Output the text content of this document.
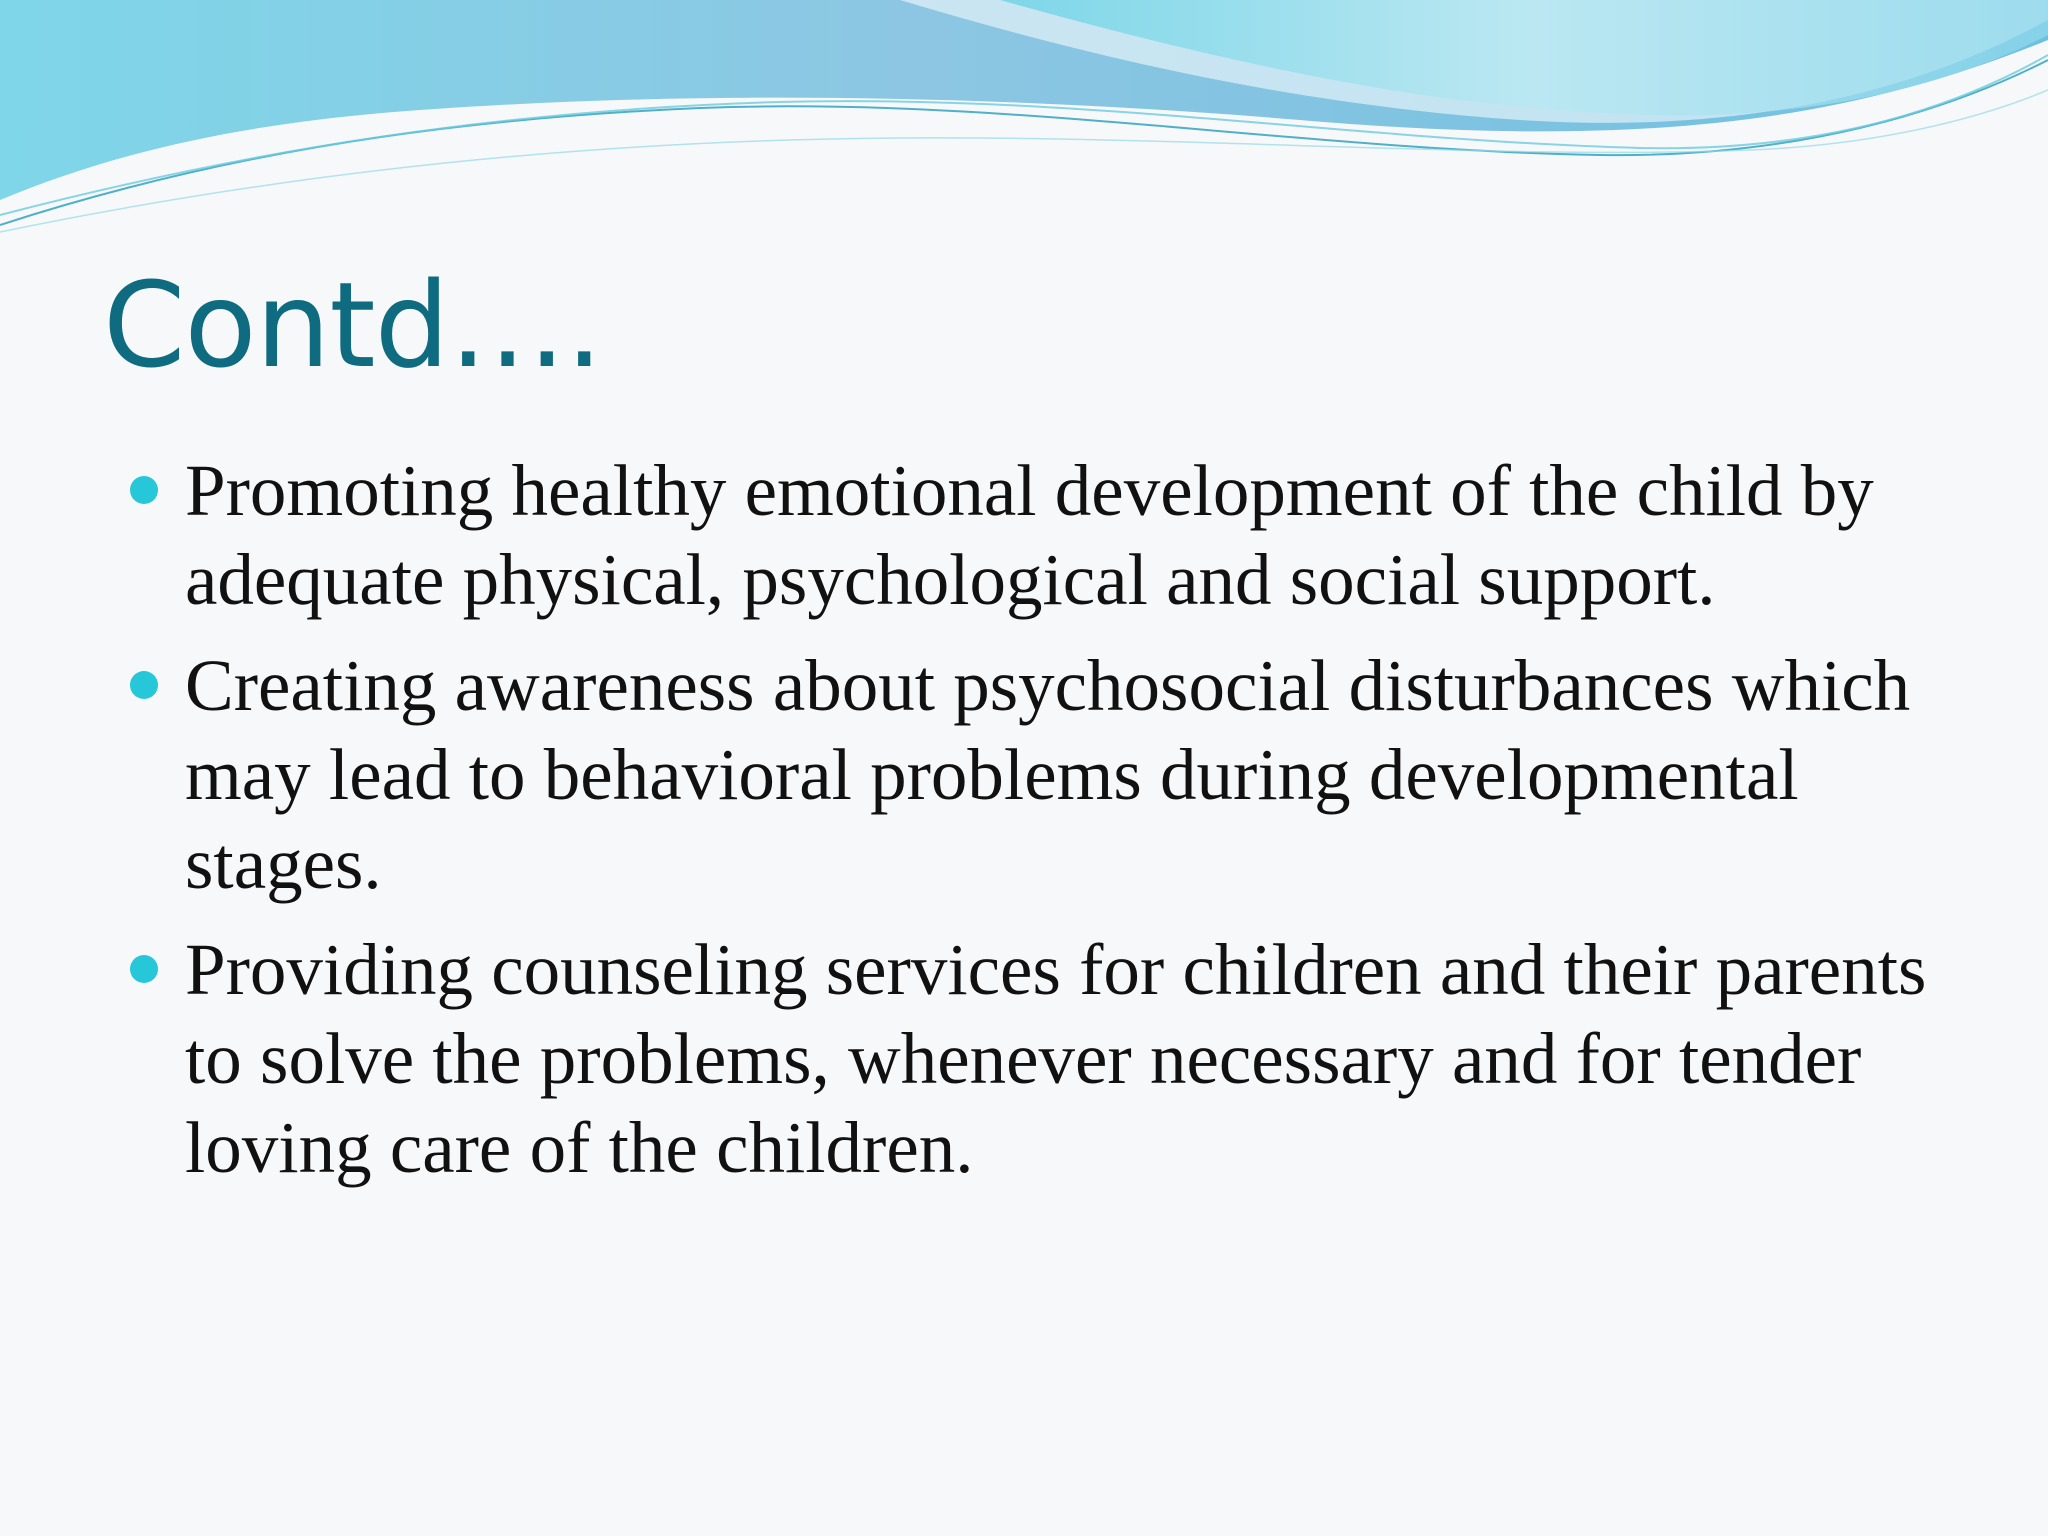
Contd….
Promoting healthy emotional development of the child by adequate physical, psychological and social support.
Creating awareness about psychosocial disturbances which may lead to behavioral problems during developmental stages.
Providing counseling services for children and their parents to solve the problems, whenever necessary and for tender loving care of the children.
